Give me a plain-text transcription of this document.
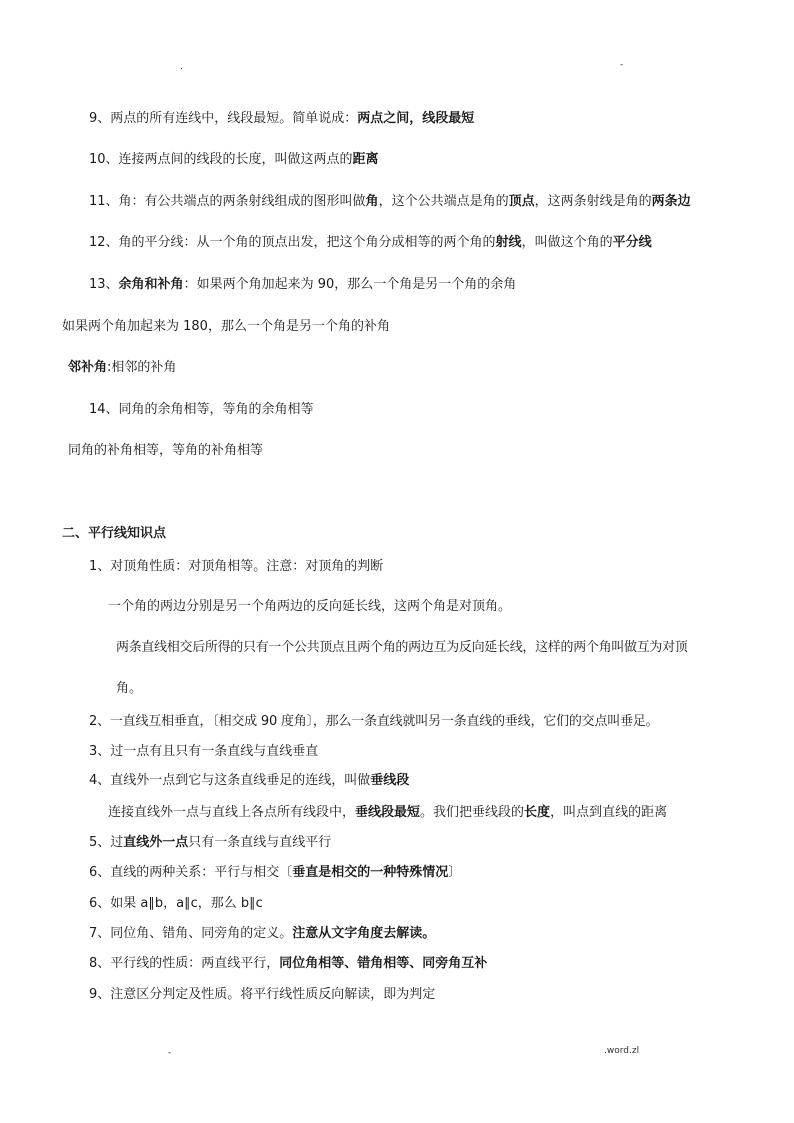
.	-
9、两点的所有连线中，线段最短。简单说成：两点之间，线段最短
10、连接两点间的线段的长度，叫做这两点的距离
11、角：有公共端点的两条射线组成的图形叫做角，这个公共端点是角的顶点，这两条射线是角的两条边
12、角的平分线：从一个角的顶点出发，把这个角分成相等的两个角的射线，叫做这个角的平分线
13、余角和补角：如果两个角加起来为 90，那么一个角是另一个角的余角
如果两个角加起来为 180，那么一个角是另一个角的补角
邻补角:相邻的补角
14、同角的余角相等，等角的余角相等
同角的补角相等，等角的补角相等
二、平行线知识点
1、对顶角性质：对顶角相等。注意：对顶角的判断
一个角的两边分别是另一个角两边的反向延长线，这两个角是对顶角。
两条直线相交后所得的只有一个公共顶点且两个角的两边互为反向延长线，这样的两个角叫做互为对顶
角。
2、一直线互相垂直，〔相交成 90 度角〕，那么一条直线就叫另一条直线的垂线，它们的交点叫垂足。
3、过一点有且只有一条直线与直线垂直
4、直线外一点到它与这条直线垂足的连线，叫做垂线段
连接直线外一点与直线上各点所有线段中，垂线段最短。我们把垂线段的长度，叫点到直线的距离
5、过直线外一点只有一条直线与直线平行
6、直线的两种关系：平行与相交〔垂直是相交的一种特殊情况〕
6、如果 a∥b，a∥c，那么 b∥c
7、同位角、错角、同旁角的定义。注意从文字角度去解读。
8、平行线的性质：两直线平行，同位角相等、错角相等、同旁角互补
9、注意区分判定及性质。将平行线性质反向解读，即为判定
-	.word.zl
